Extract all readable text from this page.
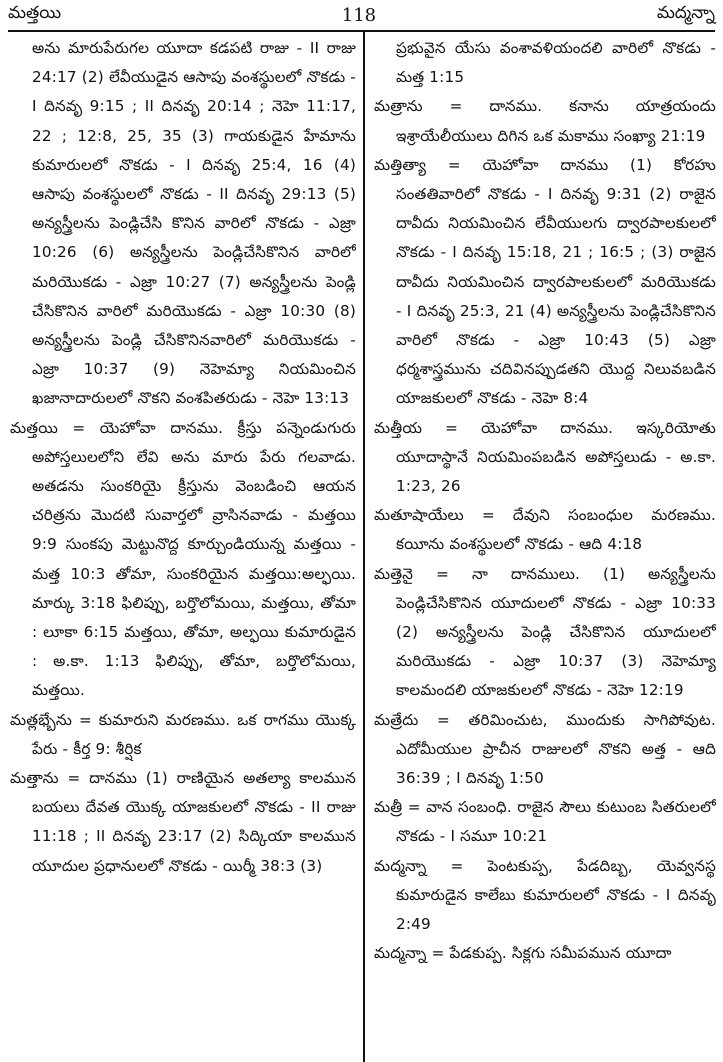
మత్తయి	118	మద్మన్నా
అను మారుపేరుగల యూదా కడపటి రాజు - II రాజు 24:17 (2) లేవీయుడైన ఆసాపు వంశస్థులలో నొకడు - I దినవృ 9:15 ; II దినవృ 20:14 ; నెహె 11:17, 22 ; 12:8, 25, 35 (3) గాయకుడైన హేమాను కుమారులలో నొకడు - I దినవృ 25:4, 16 (4) ఆసాపు వంశస్థులలో నొకడు - II దినవృ 29:13 (5) అన్యస్త్రీలను పెండ్లిచేసి కొనిన వారిలో నొకడు - ఎజ్రా 10:26 (6) అన్యస్త్రీలను పెండ్లిచేసికొనిన వారిలో మరియొకడు - ఎజ్రా 10:27 (7) అన్యస్త్రీలను పెండ్లి చేసికొనిన వారిలో మరియొకడు - ఎజ్రా 10:30 (8) అన్యస్త్రీలను పెండ్లి చేసికొనినవారిలో మరియొకడు - ఎజ్రా 10:37 (9) నెహెమ్యా నియమించిన ఖజానాదారులలో నొకని వంశపితరుడు - నెహె 13:13
మత్తయి = యెహోవా దానము. క్రీస్తు పన్నెండుగురు అపోస్తలులలోని లేవి అను మారు పేరు గలవాడు. అతడను సుంకరియై క్రీస్తును వెంబడించి ఆయన చరిత్రను మొదటి సువార్తలో వ్రాసినవాడు - మత్తయి 9:9 సుంకపు మెట్టునొద్ద కూర్చుండియున్న మత్తయి - మత్త 10:3 తోమా, సుంకరియైన మత్తయి:అల్ఫయి. మార్కు 3:18 ఫిలిప్పు, బర్తొలోమయి, మత్తయి, తోమా : లూకా 6:15 మత్తయి, తోమా, అల్ఫయి కుమారుడైన : అ.కా. 1:13 ఫిలిప్పు, తోమా, బర్తొలోమయి, మత్తయి.
మత్లభ్బేను = కుమారుని మరణము. ఒక రాగము యొక్క పేరు - కీర్త 9: శీర్షిక
మత్తాను = దానము (1) రాణియైన అతల్యా కాలమున బయలు దేవత యొక్క యాజకులలో నొకడు - II రాజు 11:18 ; II దినవృ 23:17 (2) సిద్కియా కాలమున యూదుల ప్రధానులలో నొకడు - యిర్మీ 38:3 (3)
ప్రభువైన యేసు వంశావళియందలి వారిలో నొకడు - మత్త 1:15
మత్రాను = దానము. కనాను యాత్రయందు ఇశ్రాయేలీయులు దిగిన ఒక మకాము సంఖ్యా 21:19
మత్తిత్యా = యెహోవా దానము (1) కోరహు సంతతివారిలో నొకడు - I దినవృ 9:31 (2) రాజైన దావీదు నియమించిన లేవీయులగు ద్వారపాలకులలో నొకడు - I దినవృ 15:18, 21 ; 16:5 ; (3) రాజైన దావీదు నియమించిన ద్వారపాలకులలో మరియొకడు - I దినవృ 25:3, 21 (4) అన్యస్త్రీలను పెండ్లిచేసికొనిన వారిలో నొకడు - ఎజ్రా 10:43 (5) ఎజ్రా ధర్మశాస్త్రమును చదివినప్పుడతని యొద్ద నిలువబడిన యాజకులలో నొకడు - నెహె 8:4
మత్తీయ = యెహోవా దానము. ఇస్కరియోతు యూదాస్థానే నియమింపబడిన అపోస్తలుడు - అ.కా. 1:23, 26
మతూషాయేలు = దేవుని సంబంధుల మరణము. కయీను వంశస్థులలో నొకడు - ఆది 4:18
మత్తెనై = నా దానములు. (1) అన్యస్త్రీలను పెండ్లిచేసికొనిన యూదులలో నొకడు - ఎజ్రా 10:33 (2) అన్యస్త్రీలను పెండ్లి చేసికొనిన యూదులలో మరియొకడు - ఎజ్రా 10:37 (3) నెహెమ్యా కాలమందలి యాజకులలో నొకడు - నెహె 12:19
మత్రేదు = తరిమించుట, ముందుకు సాగిపోవుట. ఎదోమీయుల ప్రాచీన రాజులలో నొకని అత్త - ఆది 36:39 ; I దినవృ 1:50
మత్రీ = వాన సంబంధి. రాజైన సౌలు కుటుంబ సితరులలో నొకడు - I సమూ 10:21
మద్మన్నా = పెంటకుప్ప, పేడదిబ్బ, యెవ్వనస్థ కుమారుడైన కాలేబు కుమారులలో నొకడు - I దినవృ 2:49
మద్మన్నా = పేడకుప్ప. సిక్లగు సమీపమున యూదా
